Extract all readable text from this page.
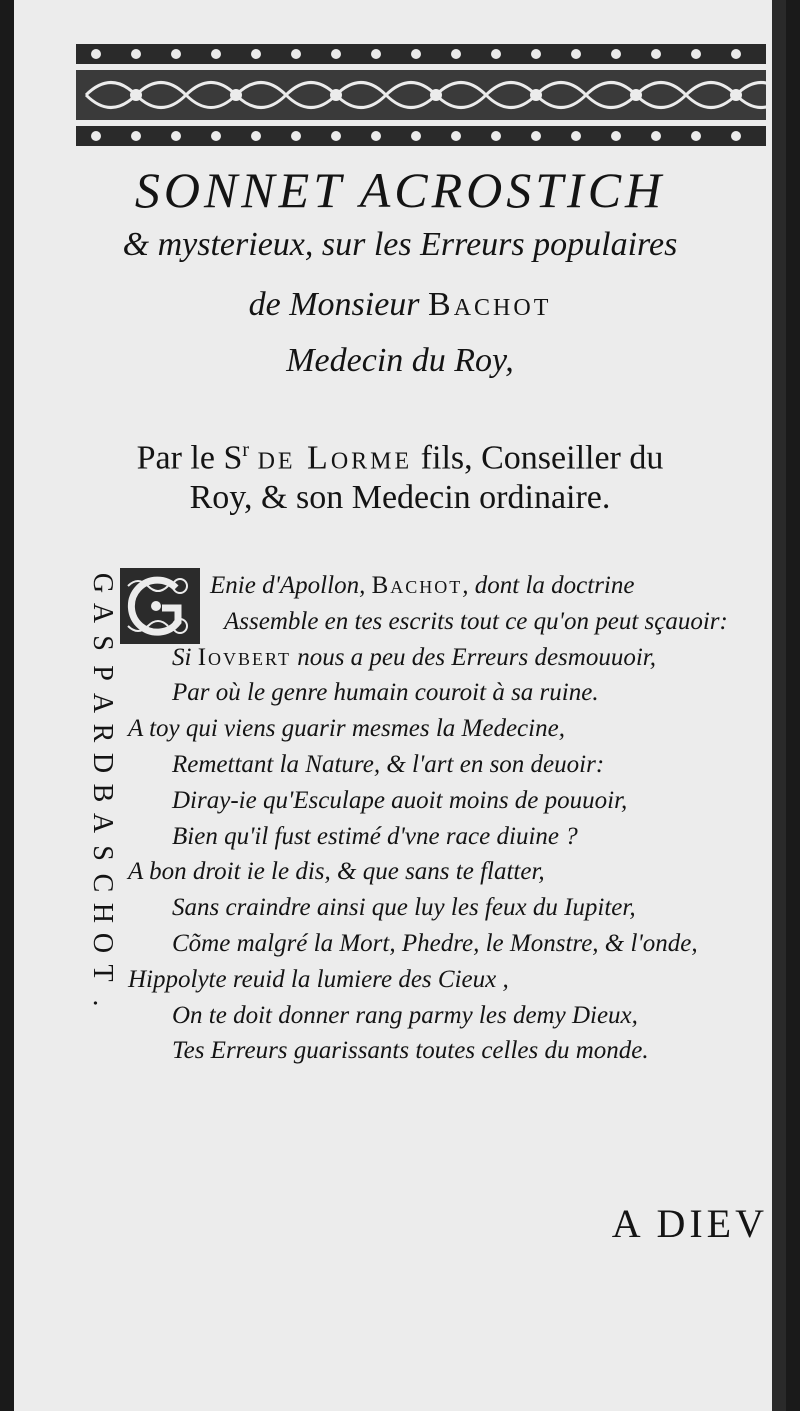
SONNET ACROSTICH
& mysterieux, sur les Erreurs populaires
de Monsieur Bachot
Medecin du Roy,
Par le $S^r$ de Lorme fils, Conseiller du
Roy, & son Medecin ordinaire.
G
A
S
P
A
R
D
B
A
S
C
H
O
T
.
Enie d'Apollon, Bachot, dont la doctrine
Assemble en tes escrits tout ce qu'on peut sçauoir:
Si Iovbert nous a peu des Erreurs desmouuoir,
Par où le genre humain couroit à sa ruine.
A toy qui viens guarir mesmes la Medecine,
Remettant la Nature, & l'art en son deuoir:
Diray-ie qu'Esculape auoit moins de pouuoir,
Bien qu'il fust estimé d'vne race diuine ?
A bon droit ie le dis, & que sans te flatter,
Sans craindre ainsi que luy les feux du Iupiter,
Cõme malgré la Mort, Phedre, le Monstre, & l'onde,
Hippolyte reuid la lumiere des Cieux ,
On te doit donner rang parmy les demy Dieux,
Tes Erreurs guarissants toutes celles du monde.
A DIEV
